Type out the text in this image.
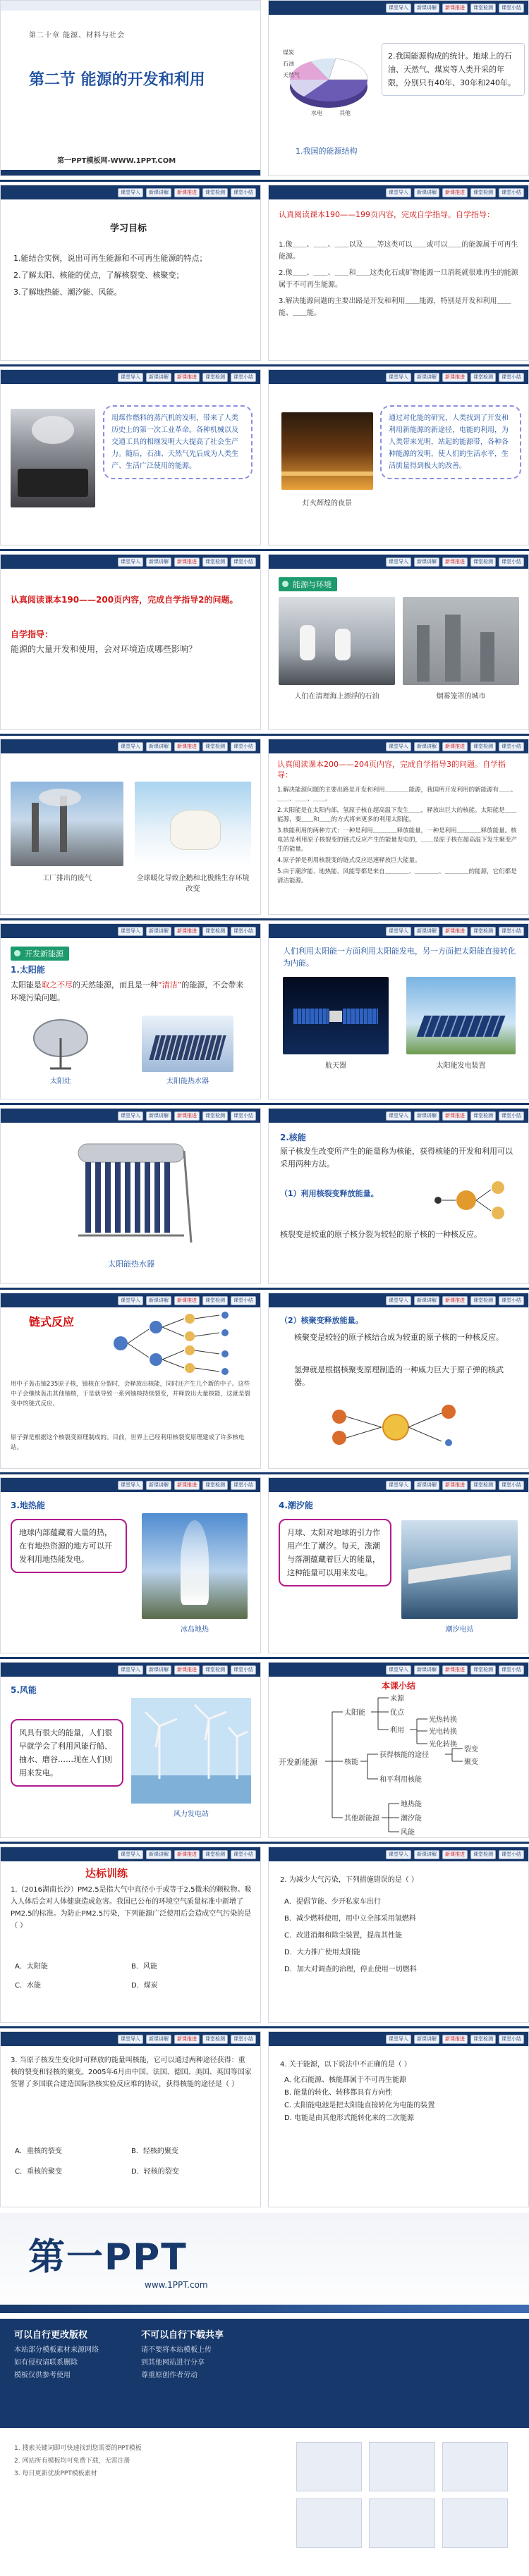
第二十章 能源、材料与社会
第二节 能源的开发和利用
第一PPT模板网-WWW.1PPT.COM
课堂导入	新课讲解	新课推进	课堂检测	课堂小结
煤炭
石油
天然气
水电	其他
2.我国能源构成的统计。地球上的石油、天然气、煤炭等人类开采的年限，分别只有40年、30年和240年。
1.我国的能源结构
课堂导入	新课讲解	新课推进	课堂检测	课堂小结
学习目标
1.能结合实例，说出可再生能源和不可再生能源的特点；
2.了解太阳、核能的优点，了解核裂变、核聚变；
3.了解地热能、潮汐能、风能。
课堂导入	新课讲解	新课推进	课堂检测	课堂小结
认真阅读课本190——199页内容，完成自学指导。自学指导：
1.像＿＿、＿＿、＿＿以及＿＿等这类可以＿＿或可以＿＿的能源属于可再生能源。
2.像＿＿、＿＿、＿＿和＿＿这类化石或矿物能源一旦消耗就很难再生的能源属于不可再生能源。
3.解决能源问题的主要出路是开发和利用＿＿能源，特别是开发和利用＿＿能、＿＿能。
课堂导入	新课讲解	新课推进	课堂检测	课堂小结
用煤作燃料的蒸汽机的发明，带来了人类历史上的第一次工业革命。各种机械以及交通工具的相继发明大大提高了社会生产力。随后，石油、天然气先后成为人类生产、生活广泛使用的能源。
课堂导入	新课讲解	新课推进	课堂检测	课堂小结
灯火辉煌的夜景
通过对化能的研究，人类找到了开发和利用新能源的新途径，电能的利用，为人类带来光明，站起的能源带，各种各种能源的发明，使人们的生活水平，生活质量得到极大的改善。
课堂导入	新课讲解	新课推进	课堂检测	课堂小结
认真阅读课本190——200页内容，完成自学指导2的问题。
自学指导：
能源的大量开发和使用，会对环境造成哪些影响？
课堂导入	新课讲解	新课推进	课堂检测	课堂小结
能源与环境
人们在清理海上漂浮的石油	烟雾笼罩的城市
课堂导入	新课讲解	新课推进	课堂检测	课堂小结
工厂排出的废气	全球暖化导致企鹅和北极熊生存环境改变
课堂导入	新课讲解	新课推进	课堂检测	课堂小结
认真阅读课本200——204页内容，完成自学指导3的问题。自学指导：
1.解决能源问题的主要出路是开发和利用＿＿＿＿能源，我国所开发利用的新能源有＿＿、＿＿、＿＿、＿＿。
2.太阳能是在太阳内部，氢原子核在超高温下发生＿＿，释放出巨大的核能。太阳能是＿＿能源，要＿＿和＿＿的方式将来更多的利用太阳能。
3.核能利用的两种方式：一种是利用＿＿＿＿释放能量，一种是利用＿＿＿＿释放能量。核电站是利用原子核裂变的链式反应产生的能量发电的，＿＿是原子核在超高温下发生聚变产生的能量。
4.原子弹是利用核裂变的链式反应迅速释放巨大能量。
5.由于潮汐能、地热能、风能等都是来自＿＿＿＿、＿＿＿＿、＿＿＿＿的能源，它们都是清洁能源。
课堂导入	新课讲解	新课推进	课堂检测	课堂小结
开发新能源
1.太阳能
太阳能是取之不尽的天然能源，而且是一种“清洁”的能源，不会带来环境污染问题。
太阳灶	太阳能热水器
课堂导入	新课讲解	新课推进	课堂检测	课堂小结
人们利用太阳能一方面利用太阳能发电，另一方面把太阳能直接转化为内能。
航天器	太阳能发电装置
课堂导入	新课讲解	新课推进	课堂检测	课堂小结
太阳能热水器
课堂导入	新课讲解	新课推进	课堂检测	课堂小结
2.核能
原子核发生改变所产生的能量称为核能，获得核能的开发和利用可以采用两种方法。
（1）利用核裂变释放能量。
核裂变是较重的原子核分裂为较轻的原子核的一种核反应。
课堂导入	新课讲解	新课推进	课堂检测	课堂小结
链式反应
用中子轰击铀235原子核，铀核在分裂时，会释放出核能，同时还产生几个新的中子。这些中子会继续轰击其他铀核，于是就导致一系列铀核持续裂变，并释放出大量核能，这就是裂变中的链式反应。
原子弹是根据这个核裂变原理制成的。目前，世界上已经利用核裂变原理建成了许多核电站。
课堂导入	新课讲解	新课推进	课堂检测	课堂小结
（2）核聚变释放能量。
核聚变是较轻的原子核结合成为较重的原子核的一种核反应。
氢弹就是根据核聚变原理制造的一种威力巨大于原子弹的核武器。
课堂导入	新课讲解	新课推进	课堂检测	课堂小结
3.地热能
地球内部蕴藏着大量的热，在有地热资源的地方可以开发利用地热能发电。
冰岛地热
课堂导入	新课讲解	新课推进	课堂检测	课堂小结
4.潮汐能
月球、太阳对地球的引力作用产生了潮汐。每天，涨潮与落潮蕴藏着巨大的能量，这种能量可以用来发电。
潮汐电站
课堂导入	新课讲解	新课推进	课堂检测	课堂小结
5.风能
风具有很大的能量，人们很早就学会了利用风能行船、抽水、磨谷……现在人们则用来发电。
风力发电站
课堂导入	新课讲解	新课推进	课堂检测	课堂小结
本课小结
开发新能源
太阳能
来源
优点
利用
光热转换
光电转换
光化转换
核能
获得核能的途径
裂变
聚变
和平利用核能
其他新能源
地热能
潮汐能
风能
课堂导入	新课讲解	新课推进	课堂检测	课堂小结
达标训练
1.（2016湖南长沙）PM2.5是指大气中直径小于或等于2.5微米的颗粒物。吸入人体后会对人体健康造成危害。我国已公布的环境空气质量标准中新增了PM2.5的标准。为防止PM2.5污染，下列能源广泛使用后会造成空气污染的是（ ）
A．太阳能	B．风能
C．水能	D．煤炭
课堂导入	新课讲解	新课推进	课堂检测	课堂小结
2. 为减少大气污染，下列措施错误的是（ ）
A．提倡节能、少开私家车出行
B．减少燃料使用，用中立全部采用氢燃料
C．改进消烟和除尘装置，提高其性能
D．大力推广使用太阳能
D．加大对调查的治理，停止使用一切燃料
课堂导入	新课讲解	新课推进	课堂检测	课堂小结
3. 当原子核发生变化时可释放的能量叫核能，它可以通过两种途径获得：重核的裂变和轻核的聚变。2005年6月由中国、法国、德国、美国、英国等国家签署了多国联合建造国际热核实验反应堆的协议，获得核能的途径是（ ）
A．重核的裂变	B．轻核的聚变
C．重核的聚变	D．轻核的裂变
课堂导入	新课讲解	新课推进	课堂检测	课堂小结
4. 关于能源，以下说法中不正确的是（ ）
A. 化石能源、核能都属于不可再生能源
B. 能量的转化、转移都具有方向性
C. 太阳能电池是把太阳能直接转化为电能的装置
D. 电能是由其他形式能转化来的二次能源
第一PPT
www.1PPT.com
可以自行更改版权
本站部分模板素材来源网络
如有侵权请联系删除
模板仅供参考使用
不可以自行下载共享
请不要将本站模板上传
到其他网站进行分享
尊重原创作者劳动
1. 搜索关键词即可快速找到您需要的PPT模板
2. 网站所有模板均可免费下载，无需注册
3. 每日更新优质PPT模板素材
